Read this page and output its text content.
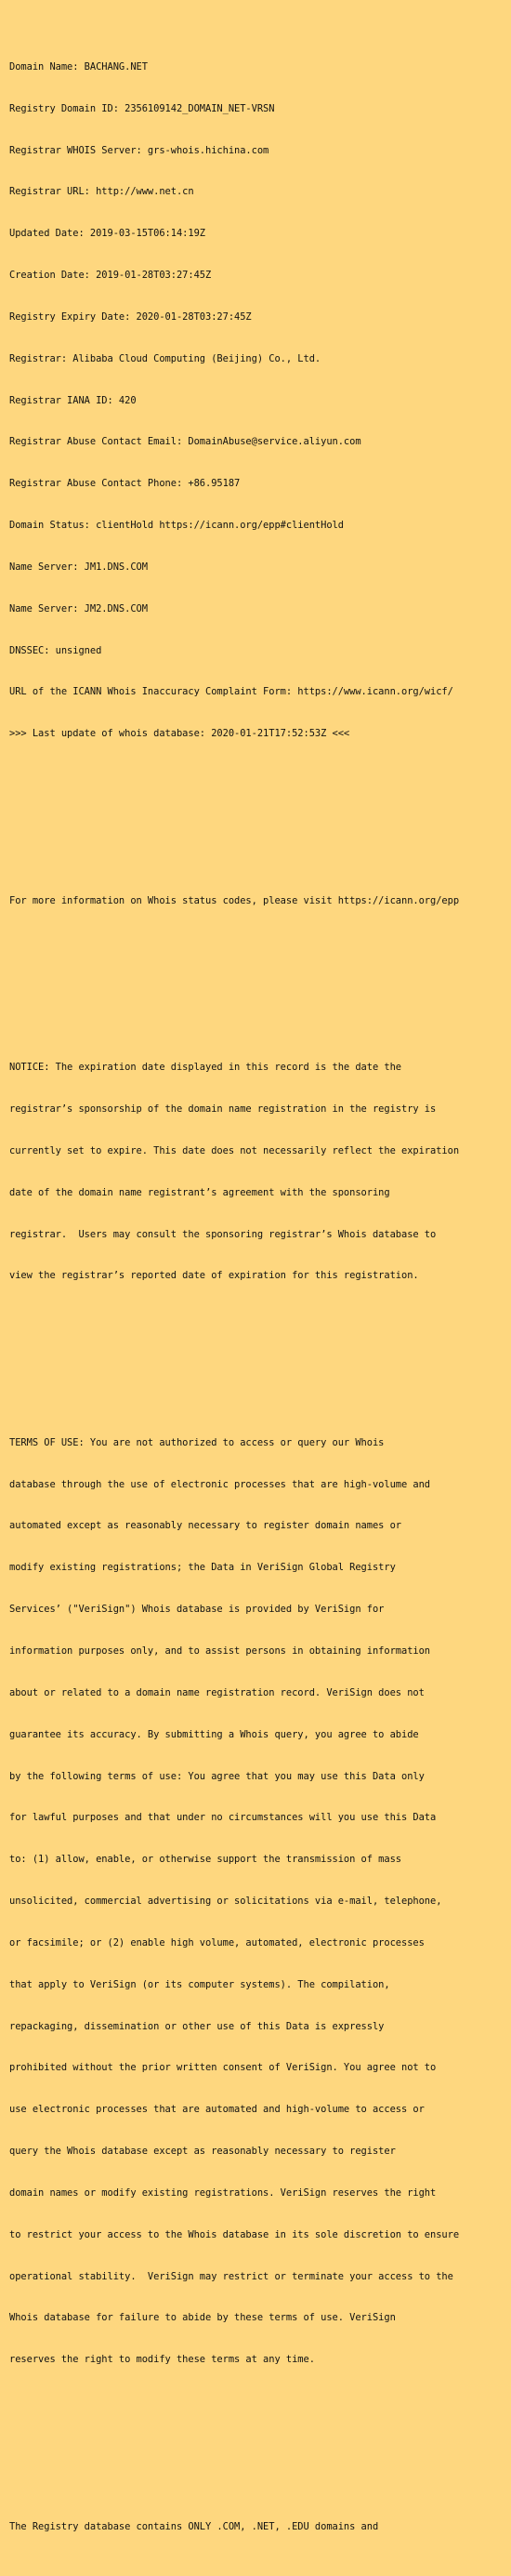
Domain Name: BACHANG.NET

Registry Domain ID: 2356109142_DOMAIN_NET-VRSN

Registrar WHOIS Server: grs-whois.hichina.com

Registrar URL: http://www.net.cn

Updated Date: 2019-03-15T06:14:19Z

Creation Date: 2019-01-28T03:27:45Z

Registry Expiry Date: 2020-01-28T03:27:45Z

Registrar: Alibaba Cloud Computing (Beijing) Co., Ltd.

Registrar IANA ID: 420

Registrar Abuse Contact Email: DomainAbuse@service.aliyun.com

Registrar Abuse Contact Phone: +86.95187

Domain Status: clientHold https://icann.org/epp#clientHold

Name Server: JM1.DNS.COM

Name Server: JM2.DNS.COM

DNSSEC: unsigned

URL of the ICANN Whois Inaccuracy Complaint Form: https://www.icann.org/wicf/

>>> Last update of whois database: 2020-01-21T17:52:53Z <<<

For more information on Whois status codes, please visit https://icann.org/epp

NOTICE: The expiration date displayed in this record is the date the

registrar’s sponsorship of the domain name registration in the registry is

currently set to expire. This date does not necessarily reflect the expiration

date of the domain name registrant’s agreement with the sponsoring

registrar.  Users may consult the sponsoring registrar’s Whois database to

view the registrar’s reported date of expiration for this registration.

TERMS OF USE: You are not authorized to access or query our Whois

database through the use of electronic processes that are high-volume and

automated except as reasonably necessary to register domain names or

modify existing registrations; the Data in VeriSign Global Registry

Services’ ("VeriSign") Whois database is provided by VeriSign for

information purposes only, and to assist persons in obtaining information

about or related to a domain name registration record. VeriSign does not

guarantee its accuracy. By submitting a Whois query, you agree to abide

by the following terms of use: You agree that you may use this Data only

for lawful purposes and that under no circumstances will you use this Data

to: (1) allow, enable, or otherwise support the transmission of mass

unsolicited, commercial advertising or solicitations via e-mail, telephone,

or facsimile; or (2) enable high volume, automated, electronic processes

that apply to VeriSign (or its computer systems). The compilation,

repackaging, dissemination or other use of this Data is expressly

prohibited without the prior written consent of VeriSign. You agree not to

use electronic processes that are automated and high-volume to access or

query the Whois database except as reasonably necessary to register

domain names or modify existing registrations. VeriSign reserves the right

to restrict your access to the Whois database in its sole discretion to ensure

operational stability.  VeriSign may restrict or terminate your access to the

Whois database for failure to abide by these terms of use. VeriSign

reserves the right to modify these terms at any time.

The Registry database contains ONLY .COM, .NET, .EDU domains and
